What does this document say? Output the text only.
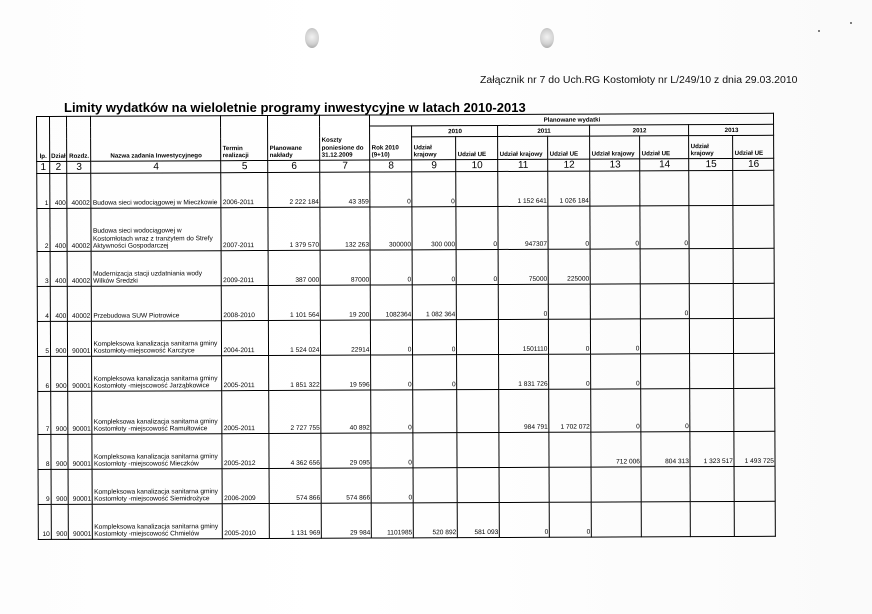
Załącznik nr 7 do Uch.RG Kostomłoty nr L/249/10 z dnia 29.03.2010
Limity wydatków na wieloletnie programy inwestycyjne w latach 2010-2013
lp.	Dział	Rozdz.	Nazwa zadania Inwestycyjnego	Termin realizacji	Planowane nakłady	Koszty poniesione do 31.12.2009	Planowane wydatki								
							Rok 2010 (9+10)	2010		2011		2012		2013	
								Udział krajowy	Udział UE	Udział krajowy	Udział UE	Udział krajowy	Udział UE	Udział krajowy	Udział UE
1	2	3	4	5	6	7	8	9	10	11	12	13	14	15	16
1	400	40002	Budowa sieci wodociągowej w Mieczkowie	2006-2011	2 222 184	43 359	0	0		1 152 641	1 026 184				
2	400	40002	Budowa sieci wodociągowej w Kostomłotach wraz z tranzytem do Strefy Aktywności Gospodarczej	2007-2011	1 379 570	132 263	300000	300 000	0	947307	0	0	0		
3	400	40002	Modernizacja stacji uzdatniania wody Wilków Średzki	2009-2011	387 000	87000	0	0	0	75000	225000				
4	400	40002	Przebudowa SUW Piotrowice	2008-2010	1 101 564	19 200	1082364	1 082 364		0			0		
5	900	90001	Kompleksowa kanalizacja sanitarna gminy Kostomłoty-miejscowość Karczyce	2004-2011	1 524 024	22914	0	0		1501110	0	0			
6	900	90001	Kompleksowa kanalizacja sanitarna gminy Kostomłoty -miejscowość Jarząbkowice	2005-2011	1 851 322	19 596	0	0		1 831 726	0	0			
7	900	90001	Kompleksowa kanalizacja sanitarna gminy Kostomłoty -miejscowość Ramułtowice	2005-2011	2 727 755	40 892	0			984 791	1 702 072	0	0		
8	900	90001	Kompleksowa kanalizacja sanitarna gminy Kostomłoty -miejscowość Mieczków	2005-2012	4 362 656	29 095	0					712 006	804 313	1 323 517	1 493 725
9	900	90001	Kompleksowa kanalizacja sanitarna gminy Kostomłoty -miejscowość Siemidrożyce	2006-2009	574 866	574 866	0								
10	900	90001	Kompleksowa kanalizacja sanitarna gminy Kostomłoty -miejscowość Chmielów	2005-2010	1 131 969	29 984	1101985	520 892	581 093	0	0				
